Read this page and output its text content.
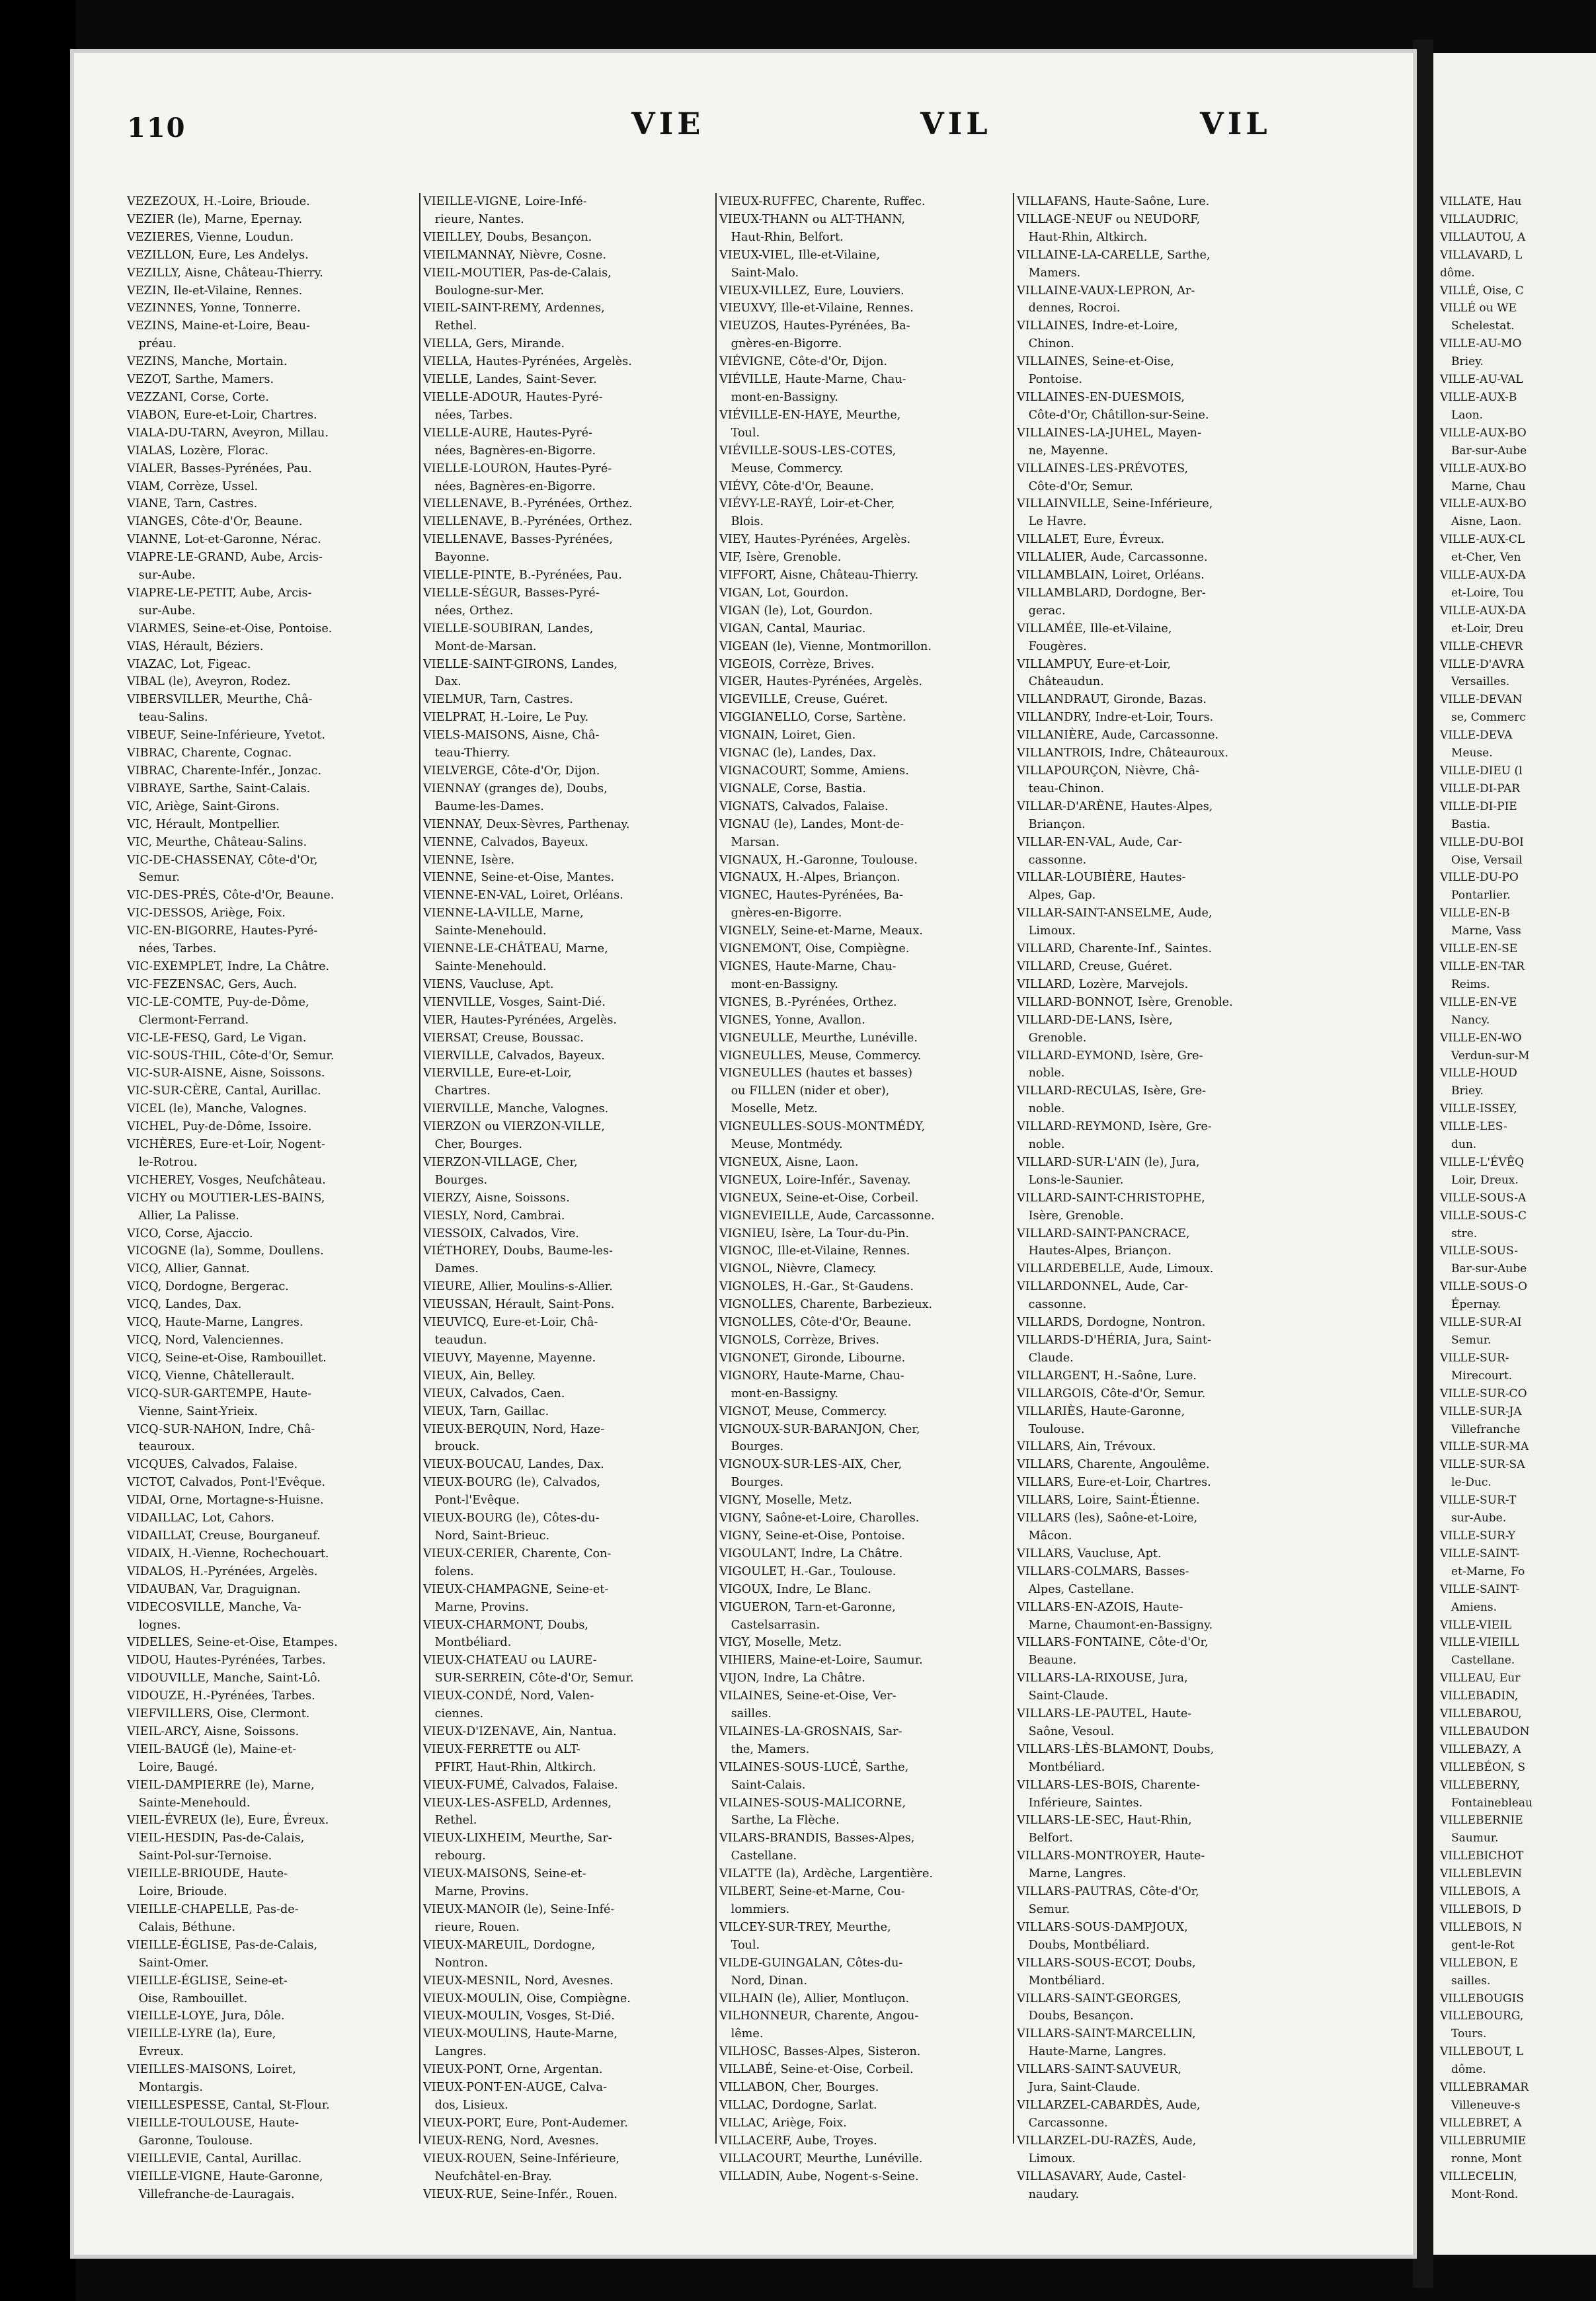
110	VIE	VIL	VIL
VEZEZOUX, H.-Loire, Brioude.
VEZIER (le), Marne, Epernay.
VEZIERES, Vienne, Loudun.
VEZILLON, Eure, Les Andelys.
VEZILLY, Aisne, Château-Thierry.
VEZIN, Ile-et-Vilaine, Rennes.
VEZINNES, Yonne, Tonnerre.
VEZINS, Maine-et-Loire, Beau-
 préau.
VEZINS, Manche, Mortain.
VEZOT, Sarthe, Mamers.
VEZZANI, Corse, Corte.
VIABON, Eure-et-Loir, Chartres.
VIALA-DU-TARN, Aveyron, Millau.
VIALAS, Lozère, Florac.
VIALER, Basses-Pyrénées, Pau.
VIAM, Corrèze, Ussel.
VIANE, Tarn, Castres.
VIANGES, Côte-d'Or, Beaune.
VIANNE, Lot-et-Garonne, Nérac.
VIAPRE-LE-GRAND, Aube, Arcis-
 sur-Aube.
VIAPRE-LE-PETIT, Aube, Arcis-
 sur-Aube.
VIARMES, Seine-et-Oise, Pontoise.
VIAS, Hérault, Béziers.
VIAZAC, Lot, Figeac.
VIBAL (le), Aveyron, Rodez.
VIBERSVILLER, Meurthe, Châ-
 teau-Salins.
VIBEUF, Seine-Inférieure, Yvetot.
VIBRAC, Charente, Cognac.
VIBRAC, Charente-Infér., Jonzac.
VIBRAYE, Sarthe, Saint-Calais.
VIC, Ariège, Saint-Girons.
VIC, Hérault, Montpellier.
VIC, Meurthe, Château-Salins.
VIC-DE-CHASSENAY, Côte-d'Or,
 Semur.
VIC-DES-PRÉS, Côte-d'Or, Beaune.
VIC-DESSOS, Ariège, Foix.
VIC-EN-BIGORRE, Hautes-Pyré-
 nées, Tarbes.
VIC-EXEMPLET, Indre, La Châtre.
VIC-FEZENSAC, Gers, Auch.
VIC-LE-COMTE, Puy-de-Dôme,
 Clermont-Ferrand.
VIC-LE-FESQ, Gard, Le Vigan.
VIC-SOUS-THIL, Côte-d'Or, Semur.
VIC-SUR-AISNE, Aisne, Soissons.
VIC-SUR-CÈRE, Cantal, Aurillac.
VICEL (le), Manche, Valognes.
VICHEL, Puy-de-Dôme, Issoire.
VICHÈRES, Eure-et-Loir, Nogent-
 le-Rotrou.
VICHEREY, Vosges, Neufchâteau.
VICHY ou MOUTIER-LES-BAINS,
 Allier, La Palisse.
VICO, Corse, Ajaccio.
VICOGNE (la), Somme, Doullens.
VICQ, Allier, Gannat.
VICQ, Dordogne, Bergerac.
VICQ, Landes, Dax.
VICQ, Haute-Marne, Langres.
VICQ, Nord, Valenciennes.
VICQ, Seine-et-Oise, Rambouillet.
VICQ, Vienne, Châtellerault.
VICQ-SUR-GARTEMPE, Haute-
 Vienne, Saint-Yrieix.
VICQ-SUR-NAHON, Indre, Châ-
 teauroux.
VICQUES, Calvados, Falaise.
VICTOT, Calvados, Pont-l'Evêque.
VIDAI, Orne, Mortagne-s-Huisne.
VIDAILLAC, Lot, Cahors.
VIDAILLAT, Creuse, Bourganeuf.
VIDAIX, H.-Vienne, Rochechouart.
VIDALOS, H.-Pyrénées, Argelès.
VIDAUBAN, Var, Draguignan.
VIDECOSVILLE, Manche, Va-
 lognes.
VIDELLES, Seine-et-Oise, Etampes.
VIDOU, Hautes-Pyrénées, Tarbes.
VIDOUVILLE, Manche, Saint-Lô.
VIDOUZE, H.-Pyrénées, Tarbes.
VIEFVILLERS, Oise, Clermont.
VIEIL-ARCY, Aisne, Soissons.
VIEIL-BAUGÉ (le), Maine-et-
 Loire, Baugé.
VIEIL-DAMPIERRE (le), Marne,
 Sainte-Menehould.
VIEIL-ÉVREUX (le), Eure, Évreux.
VIEIL-HESDIN, Pas-de-Calais,
 Saint-Pol-sur-Ternoise.
VIEILLE-BRIOUDE, Haute-
 Loire, Brioude.
VIEILLE-CHAPELLE, Pas-de-
 Calais, Béthune.
VIEILLE-ÉGLISE, Pas-de-Calais,
 Saint-Omer.
VIEILLE-ÉGLISE, Seine-et-
 Oise, Rambouillet.
VIEILLE-LOYE, Jura, Dôle.
VIEILLE-LYRE (la), Eure,
 Evreux.
VIEILLES-MAISONS, Loiret,
 Montargis.
VIEILLESPESSE, Cantal, St-Flour.
VIEILLE-TOULOUSE, Haute-
 Garonne, Toulouse.
VIEILLEVIE, Cantal, Aurillac.
VIEILLE-VIGNE, Haute-Garonne,
 Villefranche-de-Lauragais.
VIEILLE-VIGNE, Loire-Infé-
 rieure, Nantes.
VIEILLEY, Doubs, Besançon.
VIEILMANNAY, Nièvre, Cosne.
VIEIL-MOUTIER, Pas-de-Calais,
 Boulogne-sur-Mer.
VIEIL-SAINT-REMY, Ardennes,
 Rethel.
VIELLA, Gers, Mirande.
VIELLA, Hautes-Pyrénées, Argelès.
VIELLE, Landes, Saint-Sever.
VIELLE-ADOUR, Hautes-Pyré-
 nées, Tarbes.
VIELLE-AURE, Hautes-Pyré-
 nées, Bagnères-en-Bigorre.
VIELLE-LOURON, Hautes-Pyré-
 nées, Bagnères-en-Bigorre.
VIELLENAVE, B.-Pyrénées, Orthez.
VIELLENAVE, B.-Pyrénées, Orthez.
VIELLENAVE, Basses-Pyrénées,
 Bayonne.
VIELLE-PINTE, B.-Pyrénées, Pau.
VIELLE-SÉGUR, Basses-Pyré-
 nées, Orthez.
VIELLE-SOUBIRAN, Landes,
 Mont-de-Marsan.
VIELLE-SAINT-GIRONS, Landes,
 Dax.
VIELMUR, Tarn, Castres.
VIELPRAT, H.-Loire, Le Puy.
VIELS-MAISONS, Aisne, Châ-
 teau-Thierry.
VIELVERGE, Côte-d'Or, Dijon.
VIENNAY (granges de), Doubs,
 Baume-les-Dames.
VIENNAY, Deux-Sèvres, Parthenay.
VIENNE, Calvados, Bayeux.
VIENNE, Isère.
VIENNE, Seine-et-Oise, Mantes.
VIENNE-EN-VAL, Loiret, Orléans.
VIENNE-LA-VILLE, Marne,
 Sainte-Menehould.
VIENNE-LE-CHÂTEAU, Marne,
 Sainte-Menehould.
VIENS, Vaucluse, Apt.
VIENVILLE, Vosges, Saint-Dié.
VIER, Hautes-Pyrénées, Argelès.
VIERSAT, Creuse, Boussac.
VIERVILLE, Calvados, Bayeux.
VIERVILLE, Eure-et-Loir,
 Chartres.
VIERVILLE, Manche, Valognes.
VIERZON ou VIERZON-VILLE,
 Cher, Bourges.
VIERZON-VILLAGE, Cher,
 Bourges.
VIERZY, Aisne, Soissons.
VIESLY, Nord, Cambrai.
VIESSOIX, Calvados, Vire.
VIÉTHOREY, Doubs, Baume-les-
 Dames.
VIEURE, Allier, Moulins-s-Allier.
VIEUSSAN, Hérault, Saint-Pons.
VIEUVICQ, Eure-et-Loir, Châ-
 teaudun.
VIEUVY, Mayenne, Mayenne.
VIEUX, Ain, Belley.
VIEUX, Calvados, Caen.
VIEUX, Tarn, Gaillac.
VIEUX-BERQUIN, Nord, Haze-
 brouck.
VIEUX-BOUCAU, Landes, Dax.
VIEUX-BOURG (le), Calvados,
 Pont-l'Evêque.
VIEUX-BOURG (le), Côtes-du-
 Nord, Saint-Brieuc.
VIEUX-CERIER, Charente, Con-
 folens.
VIEUX-CHAMPAGNE, Seine-et-
 Marne, Provins.
VIEUX-CHARMONT, Doubs,
 Montbéliard.
VIEUX-CHATEAU ou LAURE-
 SUR-SERREIN, Côte-d'Or, Semur.
VIEUX-CONDÉ, Nord, Valen-
 ciennes.
VIEUX-D'IZENAVE, Ain, Nantua.
VIEUX-FERRETTE ou ALT-
 PFIRT, Haut-Rhin, Altkirch.
VIEUX-FUMÉ, Calvados, Falaise.
VIEUX-LES-ASFELD, Ardennes,
 Rethel.
VIEUX-LIXHEIM, Meurthe, Sar-
 rebourg.
VIEUX-MAISONS, Seine-et-
 Marne, Provins.
VIEUX-MANOIR (le), Seine-Infé-
 rieure, Rouen.
VIEUX-MAREUIL, Dordogne,
 Nontron.
VIEUX-MESNIL, Nord, Avesnes.
VIEUX-MOULIN, Oise, Compiègne.
VIEUX-MOULIN, Vosges, St-Dié.
VIEUX-MOULINS, Haute-Marne,
 Langres.
VIEUX-PONT, Orne, Argentan.
VIEUX-PONT-EN-AUGE, Calva-
 dos, Lisieux.
VIEUX-PORT, Eure, Pont-Audemer.
VIEUX-RENG, Nord, Avesnes.
VIEUX-ROUEN, Seine-Inférieure,
 Neufchâtel-en-Bray.
VIEUX-RUE, Seine-Infér., Rouen.
VIEUX-RUFFEC, Charente, Ruffec.
VIEUX-THANN ou ALT-THANN,
 Haut-Rhin, Belfort.
VIEUX-VIEL, Ille-et-Vilaine,
 Saint-Malo.
VIEUX-VILLEZ, Eure, Louviers.
VIEUXVY, Ille-et-Vilaine, Rennes.
VIEUZOS, Hautes-Pyrénées, Ba-
 gnères-en-Bigorre.
VIÉVIGNE, Côte-d'Or, Dijon.
VIÉVILLE, Haute-Marne, Chau-
 mont-en-Bassigny.
VIÉVILLE-EN-HAYE, Meurthe,
 Toul.
VIÉVILLE-SOUS-LES-COTES,
 Meuse, Commercy.
VIÉVY, Côte-d'Or, Beaune.
VIÉVY-LE-RAYÉ, Loir-et-Cher,
 Blois.
VIEY, Hautes-Pyrénées, Argelès.
VIF, Isère, Grenoble.
VIFFORT, Aisne, Château-Thierry.
VIGAN, Lot, Gourdon.
VIGAN (le), Lot, Gourdon.
VIGAN, Cantal, Mauriac.
VIGEAN (le), Vienne, Montmorillon.
VIGEOIS, Corrèze, Brives.
VIGER, Hautes-Pyrénées, Argelès.
VIGEVILLE, Creuse, Guéret.
VIGGIANELLO, Corse, Sartène.
VIGNAIN, Loiret, Gien.
VIGNAC (le), Landes, Dax.
VIGNACOURT, Somme, Amiens.
VIGNALE, Corse, Bastia.
VIGNATS, Calvados, Falaise.
VIGNAU (le), Landes, Mont-de-
 Marsan.
VIGNAUX, H.-Garonne, Toulouse.
VIGNAUX, H.-Alpes, Briançon.
VIGNEC, Hautes-Pyrénées, Ba-
 gnères-en-Bigorre.
VIGNELY, Seine-et-Marne, Meaux.
VIGNEMONT, Oise, Compiègne.
VIGNES, Haute-Marne, Chau-
 mont-en-Bassigny.
VIGNES, B.-Pyrénées, Orthez.
VIGNES, Yonne, Avallon.
VIGNEULLE, Meurthe, Lunéville.
VIGNEULLES, Meuse, Commercy.
VIGNEULLES (hautes et basses)
 ou FILLEN (nider et ober),
 Moselle, Metz.
VIGNEULLES-SOUS-MONTMÉDY,
 Meuse, Montmédy.
VIGNEUX, Aisne, Laon.
VIGNEUX, Loire-Infér., Savenay.
VIGNEUX, Seine-et-Oise, Corbeil.
VIGNEVIEILLE, Aude, Carcassonne.
VIGNIEU, Isère, La Tour-du-Pin.
VIGNOC, Ille-et-Vilaine, Rennes.
VIGNOL, Nièvre, Clamecy.
VIGNOLES, H.-Gar., St-Gaudens.
VIGNOLLES, Charente, Barbezieux.
VIGNOLLES, Côte-d'Or, Beaune.
VIGNOLS, Corrèze, Brives.
VIGNONET, Gironde, Libourne.
VIGNORY, Haute-Marne, Chau-
 mont-en-Bassigny.
VIGNOT, Meuse, Commercy.
VIGNOUX-SUR-BARANJON, Cher,
 Bourges.
VIGNOUX-SUR-LES-AIX, Cher,
 Bourges.
VIGNY, Moselle, Metz.
VIGNY, Saône-et-Loire, Charolles.
VIGNY, Seine-et-Oise, Pontoise.
VIGOULANT, Indre, La Châtre.
VIGOULET, H.-Gar., Toulouse.
VIGOUX, Indre, Le Blanc.
VIGUERON, Tarn-et-Garonne,
 Castelsarrasin.
VIGY, Moselle, Metz.
VIHIERS, Maine-et-Loire, Saumur.
VIJON, Indre, La Châtre.
VILAINES, Seine-et-Oise, Ver-
 sailles.
VILAINES-LA-GROSNAIS, Sar-
 the, Mamers.
VILAINES-SOUS-LUCÉ, Sarthe,
 Saint-Calais.
VILAINES-SOUS-MALICORNE,
 Sarthe, La Flèche.
VILARS-BRANDIS, Basses-Alpes,
 Castellane.
VILATTE (la), Ardèche, Largentière.
VILBERT, Seine-et-Marne, Cou-
 lommiers.
VILCEY-SUR-TREY, Meurthe,
 Toul.
VILDE-GUINGALAN, Côtes-du-
 Nord, Dinan.
VILHAIN (le), Allier, Montluçon.
VILHONNEUR, Charente, Angou-
 lême.
VILHOSC, Basses-Alpes, Sisteron.
VILLABÉ, Seine-et-Oise, Corbeil.
VILLABON, Cher, Bourges.
VILLAC, Dordogne, Sarlat.
VILLAC, Ariège, Foix.
VILLACERF, Aube, Troyes.
VILLACOURT, Meurthe, Lunéville.
VILLADIN, Aube, Nogent-s-Seine.
VILLAFANS, Haute-Saône, Lure.
VILLAGE-NEUF ou NEUDORF,
 Haut-Rhin, Altkirch.
VILLAINE-LA-CARELLE, Sarthe,
 Mamers.
VILLAINE-VAUX-LEPRON, Ar-
 dennes, Rocroi.
VILLAINES, Indre-et-Loire,
 Chinon.
VILLAINES, Seine-et-Oise,
 Pontoise.
VILLAINES-EN-DUESMOIS,
 Côte-d'Or, Châtillon-sur-Seine.
VILLAINES-LA-JUHEL, Mayen-
 ne, Mayenne.
VILLAINES-LES-PRÉVOTES,
 Côte-d'Or, Semur.
VILLAINVILLE, Seine-Inférieure,
 Le Havre.
VILLALET, Eure, Évreux.
VILLALIER, Aude, Carcassonne.
VILLAMBLAIN, Loiret, Orléans.
VILLAMBLARD, Dordogne, Ber-
 gerac.
VILLAMÉE, Ille-et-Vilaine,
 Fougères.
VILLAMPUY, Eure-et-Loir,
 Châteaudun.
VILLANDRAUT, Gironde, Bazas.
VILLANDRY, Indre-et-Loir, Tours.
VILLANIÈRE, Aude, Carcassonne.
VILLANTROIS, Indre, Châteauroux.
VILLAPOURÇON, Nièvre, Châ-
 teau-Chinon.
VILLAR-D'ARÈNE, Hautes-Alpes,
 Briançon.
VILLAR-EN-VAL, Aude, Car-
 cassonne.
VILLAR-LOUBIÈRE, Hautes-
 Alpes, Gap.
VILLAR-SAINT-ANSELME, Aude,
 Limoux.
VILLARD, Charente-Inf., Saintes.
VILLARD, Creuse, Guéret.
VILLARD, Lozère, Marvejols.
VILLARD-BONNOT, Isère, Grenoble.
VILLARD-DE-LANS, Isère,
 Grenoble.
VILLARD-EYMOND, Isère, Gre-
 noble.
VILLARD-RECULAS, Isère, Gre-
 noble.
VILLARD-REYMOND, Isère, Gre-
 noble.
VILLARD-SUR-L'AIN (le), Jura,
 Lons-le-Saunier.
VILLARD-SAINT-CHRISTOPHE,
 Isère, Grenoble.
VILLARD-SAINT-PANCRACE,
 Hautes-Alpes, Briançon.
VILLARDEBELLE, Aude, Limoux.
VILLARDONNEL, Aude, Car-
 cassonne.
VILLARDS, Dordogne, Nontron.
VILLARDS-D'HÉRIA, Jura, Saint-
 Claude.
VILLARGENT, H.-Saône, Lure.
VILLARGOIS, Côte-d'Or, Semur.
VILLARIÈS, Haute-Garonne,
 Toulouse.
VILLARS, Ain, Trévoux.
VILLARS, Charente, Angoulême.
VILLARS, Eure-et-Loir, Chartres.
VILLARS, Loire, Saint-Étienne.
VILLARS (les), Saône-et-Loire,
 Mâcon.
VILLARS, Vaucluse, Apt.
VILLARS-COLMARS, Basses-
 Alpes, Castellane.
VILLARS-EN-AZOIS, Haute-
 Marne, Chaumont-en-Bassigny.
VILLARS-FONTAINE, Côte-d'Or,
 Beaune.
VILLARS-LA-RIXOUSE, Jura,
 Saint-Claude.
VILLARS-LE-PAUTEL, Haute-
 Saône, Vesoul.
VILLARS-LÈS-BLAMONT, Doubs,
 Montbéliard.
VILLARS-LES-BOIS, Charente-
 Inférieure, Saintes.
VILLARS-LE-SEC, Haut-Rhin,
 Belfort.
VILLARS-MONTROYER, Haute-
 Marne, Langres.
VILLARS-PAUTRAS, Côte-d'Or,
 Semur.
VILLARS-SOUS-DAMPJOUX,
 Doubs, Montbéliard.
VILLARS-SOUS-ECOT, Doubs,
 Montbéliard.
VILLARS-SAINT-GEORGES,
 Doubs, Besançon.
VILLARS-SAINT-MARCELLIN,
 Haute-Marne, Langres.
VILLARS-SAINT-SAUVEUR,
 Jura, Saint-Claude.
VILLARZEL-CABARDÈS, Aude,
 Carcassonne.
VILLARZEL-DU-RAZÈS, Aude,
 Limoux.
VILLASAVARY, Aude, Castel-
 naudary.
VILLATE, Hau
VILLAUDRIC,
VILLAUTOU, A
VILLAVARD, L
dôme.
VILLÉ, Oise, C
VILLÉ ou WE
 Schelestat.
VILLE-AU-MO
 Briey.
VILLE-AU-VAL
VILLE-AUX-B
 Laon.
VILLE-AUX-BO
 Bar-sur-Aube
VILLE-AUX-BO
 Marne, Chau
VILLE-AUX-BO
 Aisne, Laon.
VILLE-AUX-CL
 et-Cher, Ven
VILLE-AUX-DA
 et-Loire, Tou
VILLE-AUX-DA
 et-Loir, Dreu
VILLE-CHEVR
VILLE-D'AVRA
 Versailles.
VILLE-DEVAN
 se, Commerc
VILLE-DEVA
 Meuse.
VILLE-DIEU (l
VILLE-DI-PAR
VILLE-DI-PIE
 Bastia.
VILLE-DU-BOI
 Oise, Versail
VILLE-DU-PO
 Pontarlier.
VILLE-EN-B
 Marne, Vass
VILLE-EN-SE
VILLE-EN-TAR
 Reims.
VILLE-EN-VE
 Nancy.
VILLE-EN-WO
 Verdun-sur-M
VILLE-HOUD
 Briey.
VILLE-ISSEY,
VILLE-LES-
 dun.
VILLE-L'ÉVÊQ
 Loir, Dreux.
VILLE-SOUS-A
VILLE-SOUS-C
 stre.
VILLE-SOUS-
 Bar-sur-Aube
VILLE-SOUS-O
 Épernay.
VILLE-SUR-AI
 Semur.
VILLE-SUR-
 Mirecourt.
VILLE-SUR-CO
VILLE-SUR-JA
 Villefranche
VILLE-SUR-MA
VILLE-SUR-SA
 le-Duc.
VILLE-SUR-T
 sur-Aube.
VILLE-SUR-Y
VILLE-SAINT-
 et-Marne, Fo
VILLE-SAINT-
 Amiens.
VILLE-VIEIL
VILLE-VIEILL
 Castellane.
VILLEAU, Eur
VILLEBADIN,
VILLEBAROU,
VILLEBAUDON
VILLEBAZY, A
VILLEBÉON, S
VILLEBERNY,
 Fontainebleau
VILLEBERNIE
 Saumur.
VILLEBICHOT
VILLEBLEVIN
VILLEBOIS, A
VILLEBOIS, D
VILLEBOIS, N
 gent-le-Rot
VILLEBON, E
 sailles.
VILLEBOUGIS
VILLEBOURG,
 Tours.
VILLEBOUT, L
 dôme.
VILLEBRAMAR
 Villeneuve-s
VILLEBRET, A
VILLEBRUMIE
 ronne, Mont
VILLECELIN,
 Mont-Rond.
